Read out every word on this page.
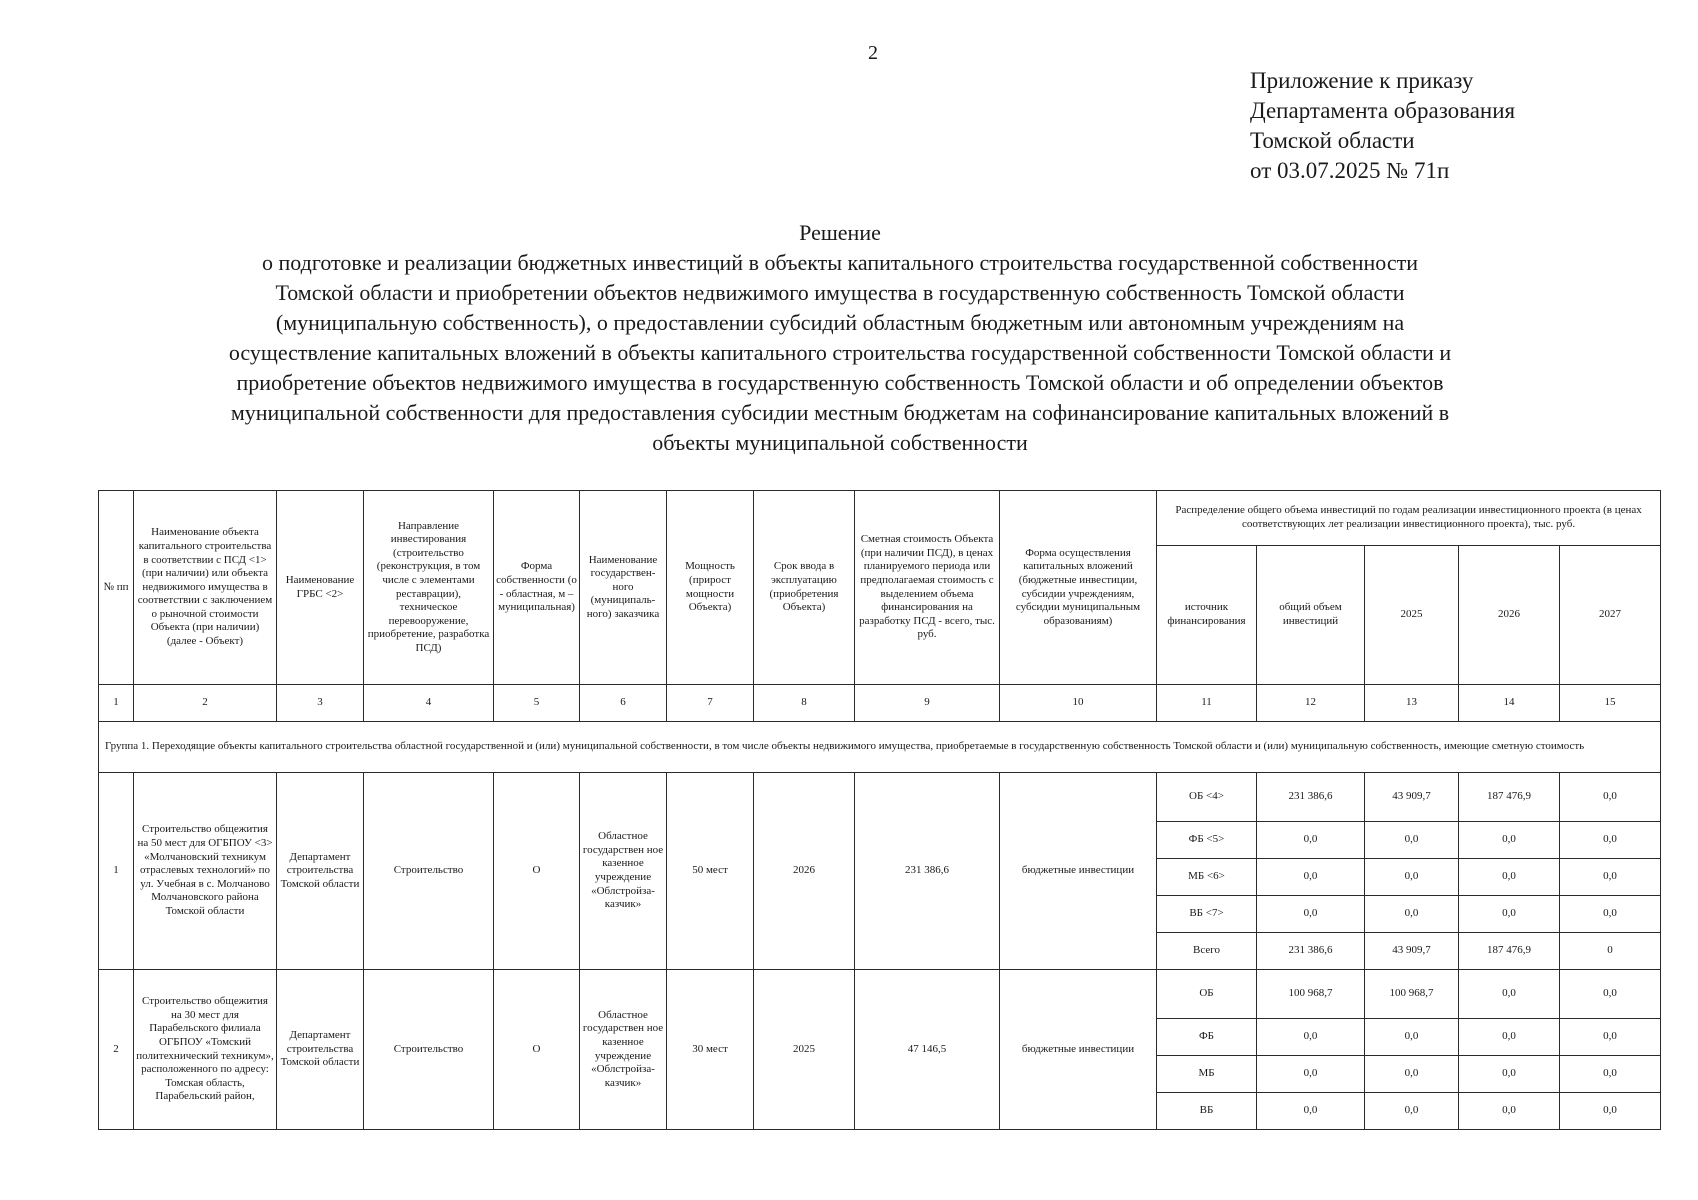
2
Приложение к приказу
Департамента образования
Томской области
от 03.07.2025 № 71п
Решение
о подготовке и реализации бюджетных инвестиций в объекты капитального строительства государственной собственности
Томской области и приобретении объектов недвижимого имущества в государственную собственность Томской области
(муниципальную собственность), о предоставлении субсидий областным бюджетным или автономным учреждениям на
осуществление капитальных вложений в объекты капитального строительства государственной собственности Томской области и
приобретение объектов недвижимого имущества в государственную собственность Томской области и об определении объектов
муниципальной собственности для предоставления субсидии местным бюджетам на софинансирование капитальных вложений в
объекты муниципальной собственности
№ пп	Наименование объекта капитального строительства в соответствии с ПСД <1> (при наличии) или объекта недвижимого имущества в соответствии с заключением о рыночной стоимости Объекта (при наличии) (далее - Объект)	Наименование ГРБС <2>	Направление инвестирования (строительство (реконструкция, в том числе с элементами реставрации), техническое перевооружение, приобретение, разработка ПСД)	Форма собственности (о - областная, м – муниципальная)	Наименование государствен-ного (муниципаль-ного) заказчика	Мощность (прирост мощности Объекта)	Срок ввода в эксплуатацию (приобретения Объекта)	Сметная стоимость Объекта (при наличии ПСД), в ценах планируемого периода или предполагаемая стоимость с выделением объема финансирования на разработку ПСД - всего, тыс. руб.	Форма осуществления капитальных вложений (бюджетные инвестиции, субсидии учреждениям, субсидии муниципальным образованиям)	Распределение общего объема инвестиций по годам реализации инвестиционного проекта (в ценах соответствующих лет реализации инвестиционного проекта), тыс. руб.				
										источник финансирования	общий объем инвестиций	2025	2026	2027
1	2	3	4	5	6	7	8	9	10	11	12	13	14	15
Группа 1. Переходящие объекты капитального строительства областной государственной и (или) муниципальной собственности, в том числе объекты недвижимого имущества, приобретаемые в государственную собственность Томской области и (или) муниципальную собственность, имеющие сметную стоимость														
1	Строительство общежития на 50 мест для ОГБПОУ <3> «Молчановский техникум отраслевых технологий» по ул. Учебная в с. Молчаново Молчановского района Томской области	Департамент строительства Томской области	Строительство	О	Областное государствен ное казенное учреждение «Облстройза-казчик»	50 мест	2026	231 386,6	бюджетные инвестиции	ОБ <4>	231 386,6	43 909,7	187 476,9	0,0
										ФБ <5>	0,0	0,0	0,0	0,0
										МБ <6>	0,0	0,0	0,0	0,0
										ВБ <7>	0,0	0,0	0,0	0,0
										Всего	231 386,6	43 909,7	187 476,9	0
2	Строительство общежития на 30 мест для Парабельского филиала ОГБПОУ «Томский политехнический техникум», расположенного по адресу: Томская область, Парабельский район,	Департамент строительства Томской области	Строительство	О	Областное государствен ное казенное учреждение «Облстройза-казчик»	30 мест	2025	47 146,5	бюджетные инвестиции	ОБ	100 968,7	100 968,7	0,0	0,0
										ФБ	0,0	0,0	0,0	0,0
										МБ	0,0	0,0	0,0	0,0
										ВБ	0,0	0,0	0,0	0,0
